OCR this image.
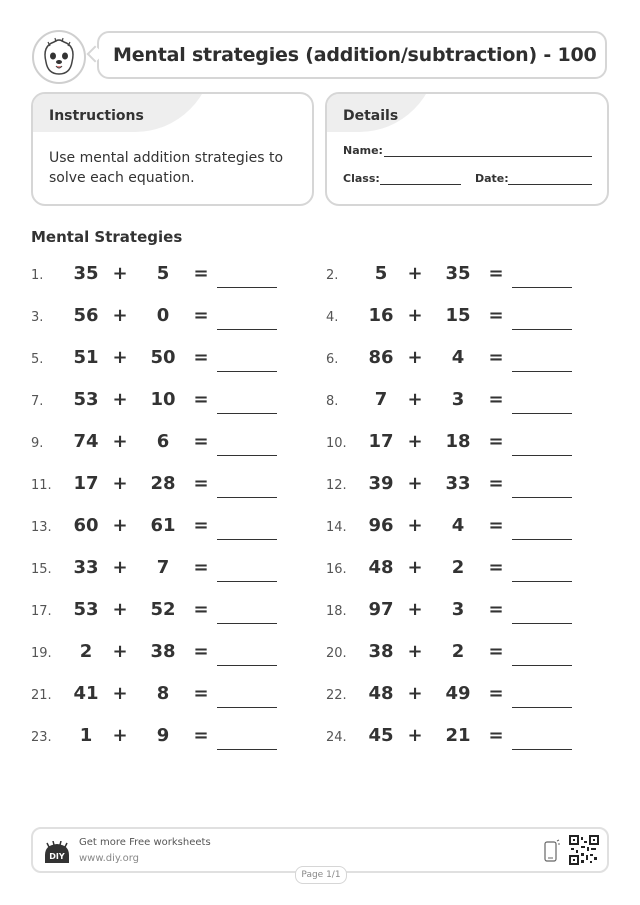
Mental strategies (addition/subtraction) - 100
Instructions
Use mental addition strategies to solve each equation.
Details
Name:
Class:	Date:
Mental Strategies
1.	35 +	5	=	2.	5	+	35 =
3.	56 +	0	=	4.	16 +	15 =
5.	51 +	50 =	6.	86 +	4	=
7.	53 +	10 =	8.	7	+	3	=
9.	74 +	6	=	10.	17 +	18 =
11.	17 +	28 =	12.	39 +	33 =
13.	60 +	61 =	14.	96 +	4	=
15.	33 +	7	=	16.	48 +	2	=
17.	53 +	52 =	18.	97 +	3	=
19.	2	+	38 =	20.	38 +	2	=
21.	41 +	8	=	22.	48 +	49 =
23.	1	+	9	=	24.	45 +	21 =
DIY
Get more Free worksheets
www.diy.org
Page 1/1
